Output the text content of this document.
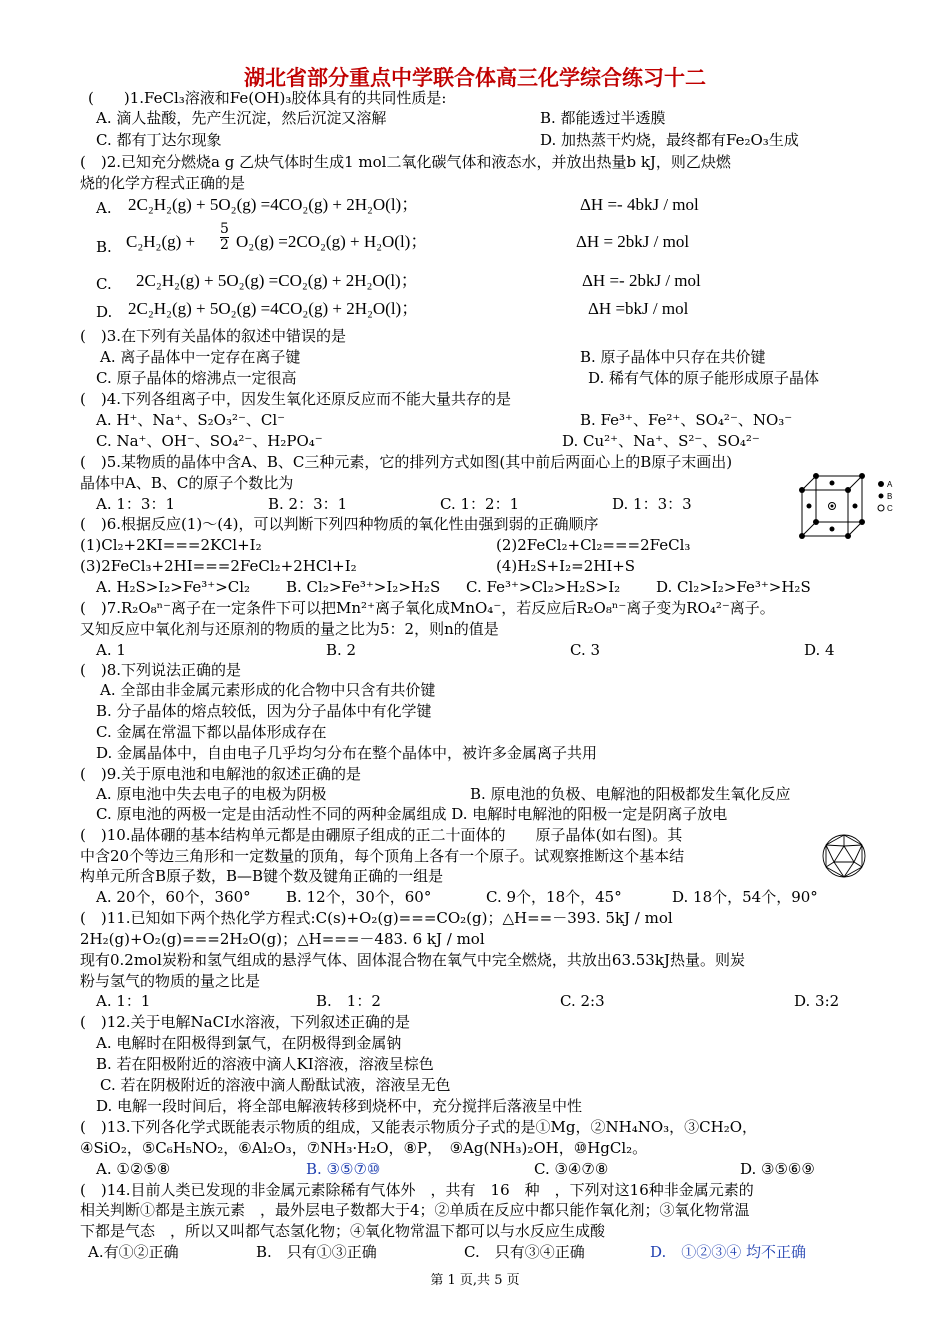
湖北省部分重点中学联合体高三化学综合练习十二
(　　)1.FeCl₃溶液和Fe(OH)₃胶体具有的共同性质是:
A. 滴人盐酸，先产生沉淀，然后沉淀又溶解	B. 都能透过半透膜
C. 都有丁达尔现象	D. 加热蒸干灼烧，最终都有Fe₂O₃生成
(　)2.已知充分燃烧a g 乙炔气体时生成1 mol二氧化碳气体和液态水，并放出热量b kJ，则乙炔燃
烧的化学方程式正确的是
A. 2C₂H₂(g) + 5O₂(g) =4CO₂(g) + 2H₂O(l)；	ΔH =- 4bkJ / mol
B. $C_2H_2(g) + \frac{5}{2} O_2(g) =2CO_2(g) + H_2O(l)$；	ΔH = 2bkJ / mol
C. 2C₂H₂(g) + 5O₂(g) =CO₂(g) + 2H₂O(l)；	ΔH =- 2bkJ / mol
D. 2C₂H₂(g) + 5O₂(g) =4CO₂(g) + 2H₂O(l)；	ΔH =bkJ / mol
(　)3.在下列有关晶体的叙述中错误的是
A. 离子晶体中一定存在离子键	B. 原子晶体中只存在共价键
C. 原子晶体的熔沸点一定很高	D. 稀有气体的原子能形成原子晶体
(　)4.下列各组离子中，因发生氧化还原反应而不能大量共存的是
A. H⁺、Na⁺、S₂O₃²⁻、Cl⁻	B. Fe³⁺、Fe²⁺、SO₄²⁻、NO₃⁻
C. Na⁺、OH⁻、SO₄²⁻、H₂PO₄⁻	D. Cu²⁺、Na⁺、S²⁻、SO₄²⁻
(　)5.某物质的晶体中含A、B、C三种元素，它的排列方式如图(其中前后两面心上的B原子末画出)
晶体中A、B、C的原子个数比为
A. 1：3：1	B. 2：3：1	C. 1：2：1	D. 1：3：3
A
B
C
(　)6.根据反应(1)～(4)，可以判断下列四种物质的氧化性由强到弱的正确顺序
(1)Cl₂+2KI===2KCl+I₂	(2)2FeCl₂+Cl₂===2FeCl₃
(3)2FeCl₃+2HI===2FeCl₂+2HCl+I₂	(4)H₂S+I₂=2HI+S
A. H₂S>I₂>Fe³⁺>Cl₂ B. Cl₂>Fe³⁺>I₂>H₂S C. Fe³⁺>Cl₂>H₂S>I₂ D. Cl₂>I₂>Fe³⁺>H₂S
(　)7.R₂O₈ⁿ⁻离子在一定条件下可以把Mn²⁺离子氧化成MnO₄⁻，若反应后R₂O₈ⁿ⁻离子变为RO₄²⁻离子。
又知反应中氧化剂与还原剂的物质的量之比为5：2，则n的值是
A. 1	B. 2	C. 3	D. 4
(　)8.下列说法正确的是
A. 全部由非金属元素形成的化合物中只含有共价键
B. 分子晶体的熔点较低，因为分子晶体中有化学键
C. 金属在常温下都以晶体形成存在
D. 金属晶体中，自由电子几乎均匀分布在整个晶体中，被许多金属离子共用
(　)9.关于原电池和电解池的叙述正确的是
A. 原电池中失去电子的电极为阴极	B. 原电池的负极、电解池的阳极都发生氧化反应
C. 原电池的两极一定是由活动性不同的两种金属组成 D. 电解时电解池的阳极一定是阴离子放电
(　)10.晶体硼的基本结构单元都是由硼原子组成的正二十面体的　　原子晶体(如右图)。其
中含20个等边三角形和一定数量的顶角，每个顶角上各有一个原子。试观察推断这个基本结
构单元所含B原子数，B—B键个数及键角正确的一组是
A. 20个，60个，360° B. 12个，30个，60°	C. 9个，18个，45°	D. 18个，54个，90°
(　)11.已知如下两个热化学方程式:C(s)+O₂(g)===CO₂(g)；△H==－393. 5kJ / mol
2H₂(g)+O₂(g)===2H₂O(g)；△H===－483. 6 kJ / mol
现有0.2mol炭粉和氢气组成的悬浮气体、固体混合物在氧气中完全燃烧，共放出63.53kJ热量。则炭
粉与氢气的物质的量之比是
A. 1：1	B.　1：2	C. 2:3	D. 3:2
(　)12.关于电解NaCI水溶液，下列叙述正确的是
A. 电解时在阳极得到氯气，在阴极得到金属钠
B. 若在阳极附近的溶液中滴人KI溶液，溶液呈棕色
C. 若在阴极附近的溶液中滴人酚酞试液，溶液呈无色
D. 电解一段时间后，将全部电解液转移到烧杯中，充分搅拌后落液呈中性
(　)13.下列各化学式既能表示物质的组成，又能表示物质分子式的是①Mg，②NH₄NO₃，③CH₂O，
④SiO₂，⑤C₆H₅NO₂，⑥Al₂O₃，⑦NH₃·H₂O，⑧P，　⑨Ag(NH₃)₂OH，⑩HgCl₂。
A. ①②⑤⑧	B. ③⑤⑦⑩	C. ③④⑦⑧	D. ③⑤⑥⑨
(　)14.目前人类已发现的非金属元素除稀有气体外　，共有　16　种　，下列对这16种非金属元素的
相关判断①都是主族元素　，最外层电子数都大于4；②单质在反应中都只能作氧化剂；③氧化物常温
下都是气态　，所以又叫都气态氢化物；④氧化物常温下都可以与水反应生成酸
A.有①②正确	B.　只有①③正确	C.　只有③④正确	D.　①②③④ 均不正确
第 1 页,共 5 页
